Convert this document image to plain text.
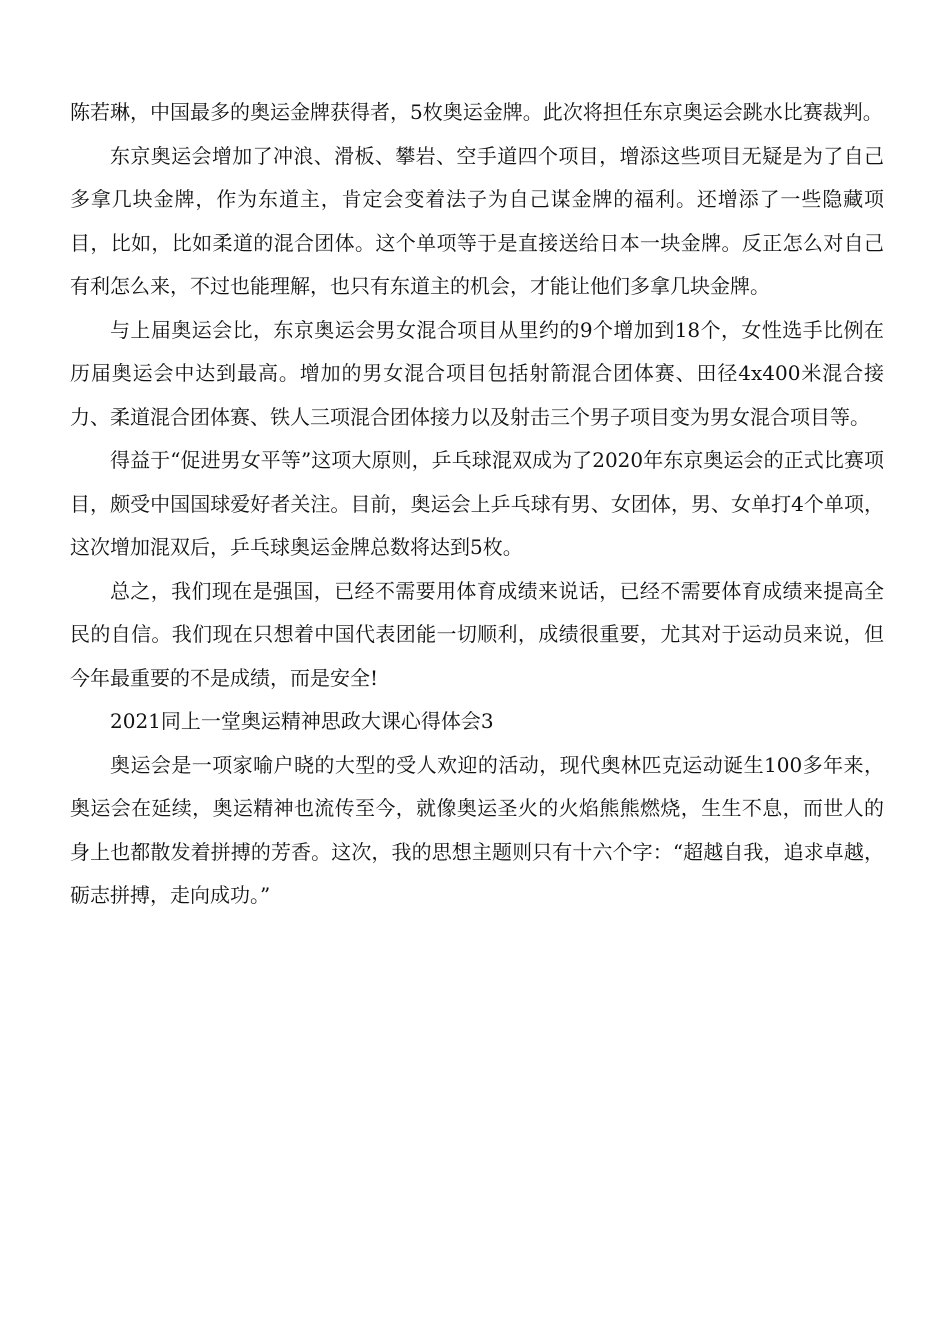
陈若琳，中国最多的奥运金牌获得者，5枚奥运金牌。此次将担任东京奥运会跳水比赛裁判。

东京奥运会增加了冲浪、滑板、攀岩、空手道四个项目，增添这些项目无疑是为了自己多拿几块金牌，作为东道主，肯定会变着法子为自己谋金牌的福利。还增添了一些隐藏项目，比如，比如柔道的混合团体。这个单项等于是直接送给日本一块金牌。反正怎么对自己有利怎么来，不过也能理解，也只有东道主的机会，才能让他们多拿几块金牌。

与上届奥运会比，东京奥运会男女混合项目从里约的9个增加到18个，女性选手比例在历届奥运会中达到最高。增加的男女混合项目包括射箭混合团体赛、田径4x400米混合接力、柔道混合团体赛、铁人三项混合团体接力以及射击三个男子项目变为男女混合项目等。

得益于“促进男女平等”这项大原则，乒乓球混双成为了2020年东京奥运会的正式比赛项目，颇受中国国球爱好者关注。目前，奥运会上乒乓球有男、女团体，男、女单打4个单项，这次增加混双后，乒乓球奥运金牌总数将达到5枚。

总之，我们现在是强国，已经不需要用体育成绩来说话，已经不需要体育成绩来提高全民的自信。我们现在只想着中国代表团能一切顺利，成绩很重要，尤其对于运动员来说，但今年最重要的不是成绩，而是安全!

2021同上一堂奥运精神思政大课心得体会3

奥运会是一项家喻户晓的大型的受人欢迎的活动，现代奥林匹克运动诞生100多年来，奥运会在延续，奥运精神也流传至今，就像奥运圣火的火焰熊熊燃烧，生生不息，而世人的身上也都散发着拼搏的芳香。这次，我的思想主题则只有十六个字：“超越自我，追求卓越，砺志拼搏，走向成功。”
